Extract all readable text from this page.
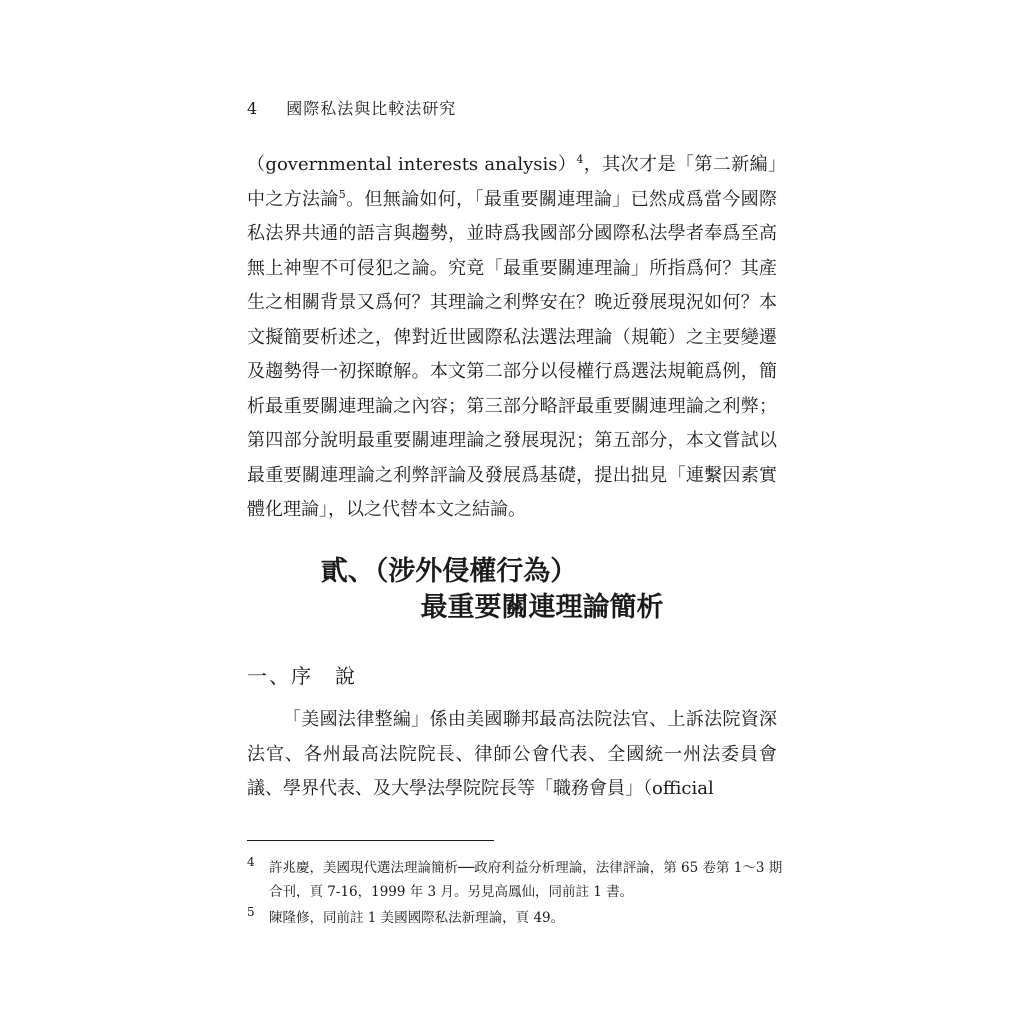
4 國際私法與比較法研究

（governmental interests analysis）$^4$，其次才是「第二新編」中之方法論$^5$。但無論如何，「最重要關連理論」已然成爲當今國際私法界共通的語言與趨勢，並時爲我國部分國際私法學者奉爲至高無上神聖不可侵犯之論。究竟「最重要關連理論」所指爲何？其產生之相關背景又爲何？其理論之利弊安在？晚近發展現況如何？本文擬簡要析述之，俾對近世國際私法選法理論（規範）之主要變遷及趨勢得一初探瞭解。本文第二部分以侵權行爲選法規範爲例，簡析最重要關連理論之內容；第三部分略評最重要關連理論之利弊；第四部分說明最重要關連理論之發展現況；第五部分，本文嘗試以最重要關連理論之利弊評論及發展爲基礎，提出拙見「連繫因素實體化理論」，以之代替本文之結論。

貳、（涉外侵權行為）
最重要關連理論簡析
一、序　說

「美國法律整編」係由美國聯邦最高法院法官、上訴法院資深法官、各州最高法院院長、律師公會代表、全國統一州法委員會議、學界代表、及大學法學院院長等「職務會員」（official

4 許兆慶，美國現代選法理論簡析──政府利益分析理論，法律評論，第 65 卷第 1～3 期合刊，頁 7-16，1999 年 3 月。另見高鳳仙，同前註 1 書。
5 陳隆修，同前註 1 美國國際私法新理論，頁 49。
